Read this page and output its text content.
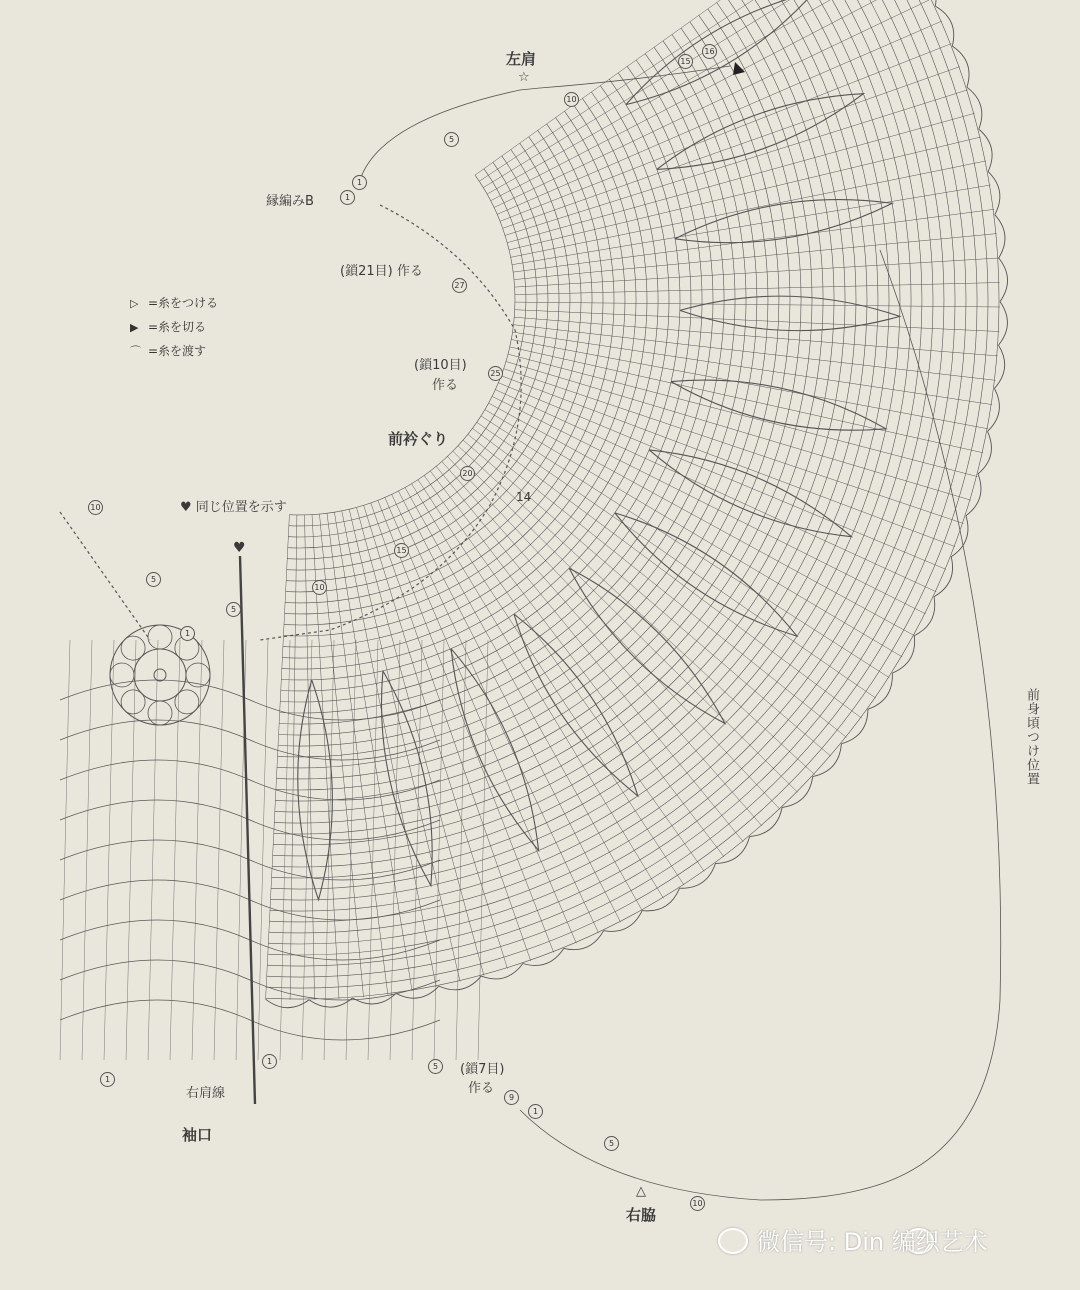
左肩
☆
縁編みB
(鎖21目) 作る
(鎖10目)
作る
前衿ぐり
♥ 同じ位置を示す
♥
右肩線
袖口
(鎖7目)
作る
△
右脇
前身頃つけ位置
▷ =糸をつける
▶ =糸を切る
⌒ =糸を渡す
16
15
10
5
1
1
27
25
20
14
15
10
10
5
1
5
1
1
5
9
1
5
10
微信号: Din 编织艺术
